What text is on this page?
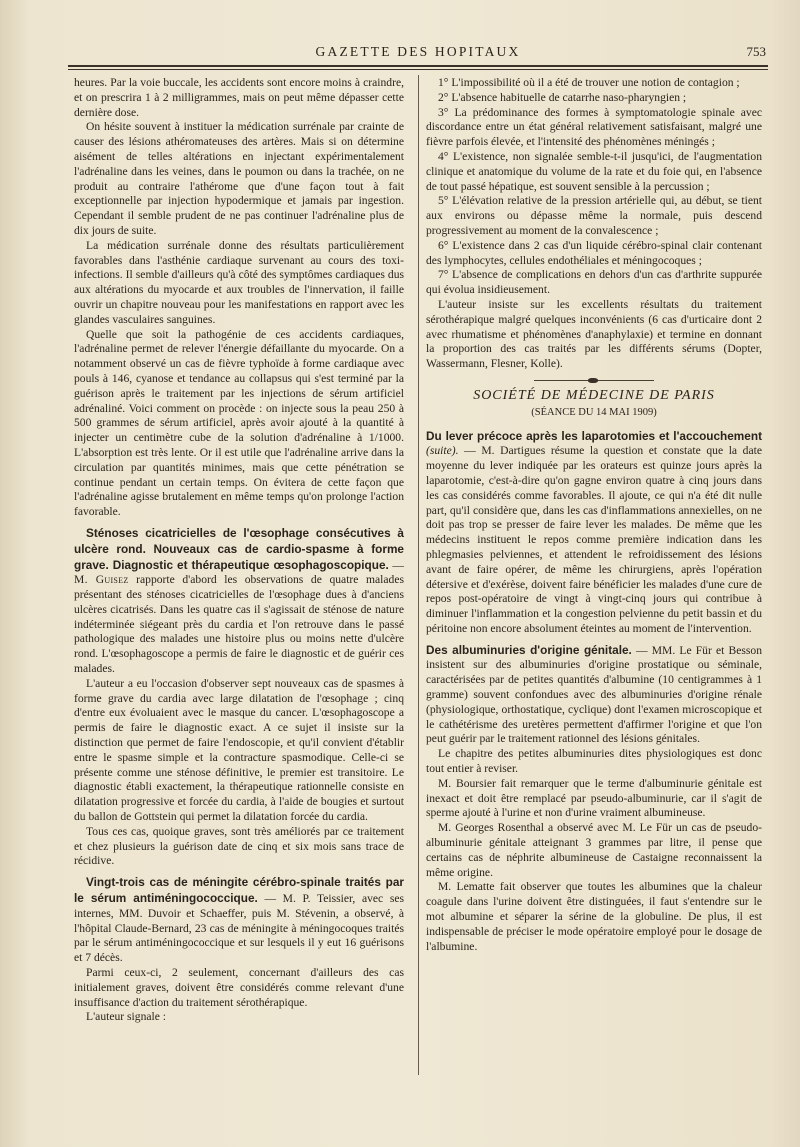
GAZETTE DES HOPITAUX	753

heures. Par la voie buccale, les accidents sont encore moins à craindre, et on prescrira 1 à 2 milligrammes, mais on peut même dépasser cette dernière dose.

On hésite souvent à instituer la médication surrénale par crainte de causer des lésions athéromateuses des artères. Mais si on détermine aisément de telles altérations en injectant expérimentalement l'adrénaline dans les veines, dans le poumon ou dans la trachée, on ne produit au contraire l'athérome que d'une façon tout à fait exceptionnelle par injection hypodermique et jamais par ingestion. Cependant il semble prudent de ne pas continuer l'adrénaline plus de dix jours de suite.

La médication surrénale donne des résultats particulièrement favorables dans l'asthénie cardiaque survenant au cours des toxi-infections. Il semble d'ailleurs qu'à côté des symptômes cardiaques dus aux altérations du myocarde et aux troubles de l'innervation, il faille ouvrir un chapitre nouveau pour les manifestations en rapport avec les glandes vasculaires sanguines.

Quelle que soit la pathogénie de ces accidents cardiaques, l'adrénaline permet de relever l'énergie défaillante du myocarde. On a notamment observé un cas de fièvre typhoïde à forme cardiaque avec pouls à 146, cyanose et tendance au collapsus qui s'est terminé par la guérison après le traitement par les injections de sérum artificiel adrénaliné. Voici comment on procède : on injecte sous la peau 250 à 500 grammes de sérum artificiel, après avoir ajouté à la quantité à injecter un centimètre cube de la solution d'adrénaline à 1/1000. L'absorption est très lente. Or il est utile que l'adrénaline arrive dans la circulation par quantités minimes, mais que cette pénétration se continue pendant un certain temps. On évitera de cette façon que l'adrénaline agisse brutalement en même temps qu'on prolonge l'action favorable.

Sténoses cicatricielles de l'œsophage consécutives à ulcère rond. Nouveaux cas de cardio-spasme à forme grave. Diagnostic et thérapeutique œsophagoscopique. — M. Guisez rapporte d'abord les observations de quatre malades présentant des sténoses cicatricielles de l'œsophage dues à d'anciens ulcères cicatrisés. Dans les quatre cas il s'agissait de sténose de nature indéterminée siégeant près du cardia et l'on retrouve dans le passé pathologique des malades une histoire plus ou moins nette d'ulcère rond. L'œsophagoscope a permis de faire le diagnostic et de guérir ces malades.

L'auteur a eu l'occasion d'observer sept nouveaux cas de spasmes à forme grave du cardia avec large dilatation de l'œsophage ; cinq d'entre eux évoluaient avec le masque du cancer. L'œsophagoscope a permis de faire le diagnostic exact. A ce sujet il insiste sur la distinction que permet de faire l'endoscopie, et qu'il convient d'établir entre le spasme simple et la contracture spasmodique. Celle-ci se présente comme une sténose définitive, le premier est transitoire. Le diagnostic établi exactement, la thérapeutique rationnelle consiste en dilatation progressive et forcée du cardia, à l'aide de bougies et surtout du ballon de Gottstein qui permet la dilatation forcée du cardia.

Tous ces cas, quoique graves, sont très améliorés par ce traitement et chez plusieurs la guérison date de cinq et six mois sans trace de récidive.

Vingt-trois cas de méningite cérébro-spinale traités par le sérum antiméningococcique. — M. P. Teissier, avec ses internes, MM. Duvoir et Schaeffer, puis M. Stévenin, a observé, à l'hôpital Claude-Bernard, 23 cas de méningite à méningocoques traités par le sérum antiméningococcique et sur lesquels il y eut 16 guérisons et 7 décès.

Parmi ceux-ci, 2 seulement, concernant d'ailleurs des cas initialement graves, doivent être considérés comme relevant d'une insuffisance d'action du traitement sérothérapique.

L'auteur signale :

1° L'impossibilité où il a été de trouver une notion de contagion ;

2° L'absence habituelle de catarrhe naso-pharyngien ;

3° La prédominance des formes à symptomatologie spinale avec discordance entre un état général relativement satisfaisant, malgré une fièvre parfois élevée, et l'intensité des phénomènes méningés ;

4° L'existence, non signalée semble-t-il jusqu'ici, de l'augmentation clinique et anatomique du volume de la rate et du foie qui, en l'absence de tout passé hépatique, est souvent sensible à la percussion ;

5° L'élévation relative de la pression artérielle qui, au début, se tient aux environs ou dépasse même la normale, puis descend progressivement au moment de la convalescence ;

6° L'existence dans 2 cas d'un liquide cérébro-spinal clair contenant des lymphocytes, cellules endothéliales et méningocoques ;

7° L'absence de complications en dehors d'un cas d'arthrite suppurée qui évolua insidieusement.

L'auteur insiste sur les excellents résultats du traitement sérothérapique malgré quelques inconvénients (6 cas d'urticaire dont 2 avec rhumatisme et phénomènes d'anaphylaxie) et termine en donnant la proportion des cas traités par les différents sérums (Dopter, Wassermann, Flesner, Kolle).

SOCIÉTÉ DE MÉDECINE DE PARIS
(SÉANCE DU 14 MAI 1909)

Du lever précoce après les laparotomies et l'accouchement (suite). — M. Dartigues résume la question et constate que la date moyenne du lever indiquée par les orateurs est quinze jours après la laparotomie, c'est-à-dire qu'on gagne environ quatre à cinq jours dans les cas considérés comme favorables. Il ajoute, ce qui n'a été dit nulle part, qu'il considère que, dans les cas d'inflammations annexielles, on ne doit pas trop se presser de faire lever les malades. De même que les médecins instituent le repos comme première indication dans les phlegmasies pelviennes, et attendent le refroidissement des lésions avant de faire opérer, de même les chirurgiens, après l'opération détersive et d'exérèse, doivent faire bénéficier les malades d'une cure de repos post-opératoire de vingt à vingt-cinq jours qui contribue à diminuer l'inflammation et la congestion pelvienne du petit bassin et du péritoine non encore absolument éteintes au moment de l'intervention.

Des albuminuries d'origine génitale. — MM. Le Für et Besson insistent sur des albuminuries d'origine prostatique ou séminale, caractérisées par de petites quantités d'albumine (10 centigrammes à 1 gramme) souvent confondues avec des albuminuries d'origine rénale (physiologique, orthostatique, cyclique) dont l'examen microscopique et le cathétérisme des uretères permettent d'affirmer l'origine et que l'on peut guérir par le traitement rationnel des lésions génitales.

Le chapitre des petites albuminuries dites physiologiques est donc tout entier à reviser.

M. Boursier fait remarquer que le terme d'albuminurie génitale est inexact et doit être remplacé par pseudo-albuminurie, car il s'agit de sperme ajouté à l'urine et non d'urine vraiment albumineuse.

M. Georges Rosenthal a observé avec M. Le Für un cas de pseudo-albuminurie génitale atteignant 3 grammes par litre, il pense que certains cas de néphrite albumineuse de Castaigne reconnaissent la même origine.

M. Lematte fait observer que toutes les albumines que la chaleur coagule dans l'urine doivent être distinguées, il faut s'entendre sur le mot albumine et séparer la sérine de la globuline. De plus, il est indispensable de préciser le mode opératoire employé pour le dosage de l'albumine.
